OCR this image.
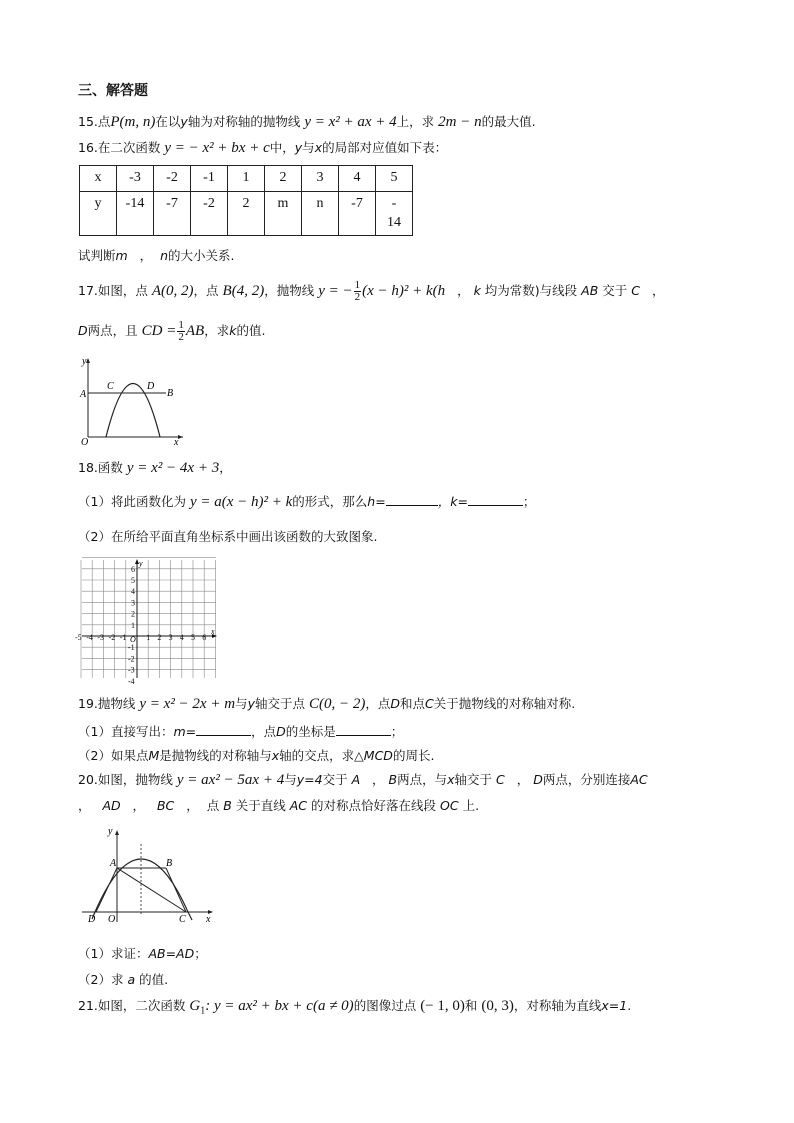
三、解答题
15.点P(m, n)在以y轴为对称轴的抛物线 y = x² + ax + 4上，求 2m − n的最大值.
16.在二次函数 y = − x² + bx + c中，y与x的局部对应值如下表：
x	-3	-2	-1	1	2	3	4	5
y	-14	-7	-2	2	m	n	-7	-
14
试判断m ， n的大小关系.
17.如图，点 A(0, 2)，点 B(4, 2)，抛物线 y = − $\frac{1}{2} (x - h)^2 + k(h$ ， k 均为常数)与线段 AB 交于 C ，
D两点，且 CD = $\frac{1}{2}$ AB，求k的值.
y
A
C	D
B
O	x
18.函数 y = x² − 4x + 3，
（1）将此函数化为 y = a(x − h)² + k的形式，那么h=	，k=	；
（2）在所给平面直角坐标系中画出该函数的大致图象.
-5 -4 -3 -2 -1 1 2 3 4 5 6
6
5
4
3
2
1
-1
-2
-3
-4
x
y
O
19.抛物线 y = x² − 2x + m与y轴交于点 C(0, − 2)，点D和点C关于抛物线的对称轴对称.
（1）直接写出：m=	，点D的坐标是	；
（2）如果点M是抛物线的对称轴与x轴的交点，求△MCD的周长.
20.如图，抛物线 y = ax² − 5ax + 4与y=4交于 A ， B两点，与x轴交于 C ， D两点，分别连接AC
， AD ， BC ， 点 B 关于直线 AC 的对称点恰好落在线段 OC 上.
y
A	B
D O	C x
（1）求证：AB=AD；
（2）求 a 的值.
21.如图，二次函数 $G_1$: y = ax² + bx + c(a ≠ 0)的图像过点 (− 1, 0)和 (0, 3)，对称轴为直线x=1.
